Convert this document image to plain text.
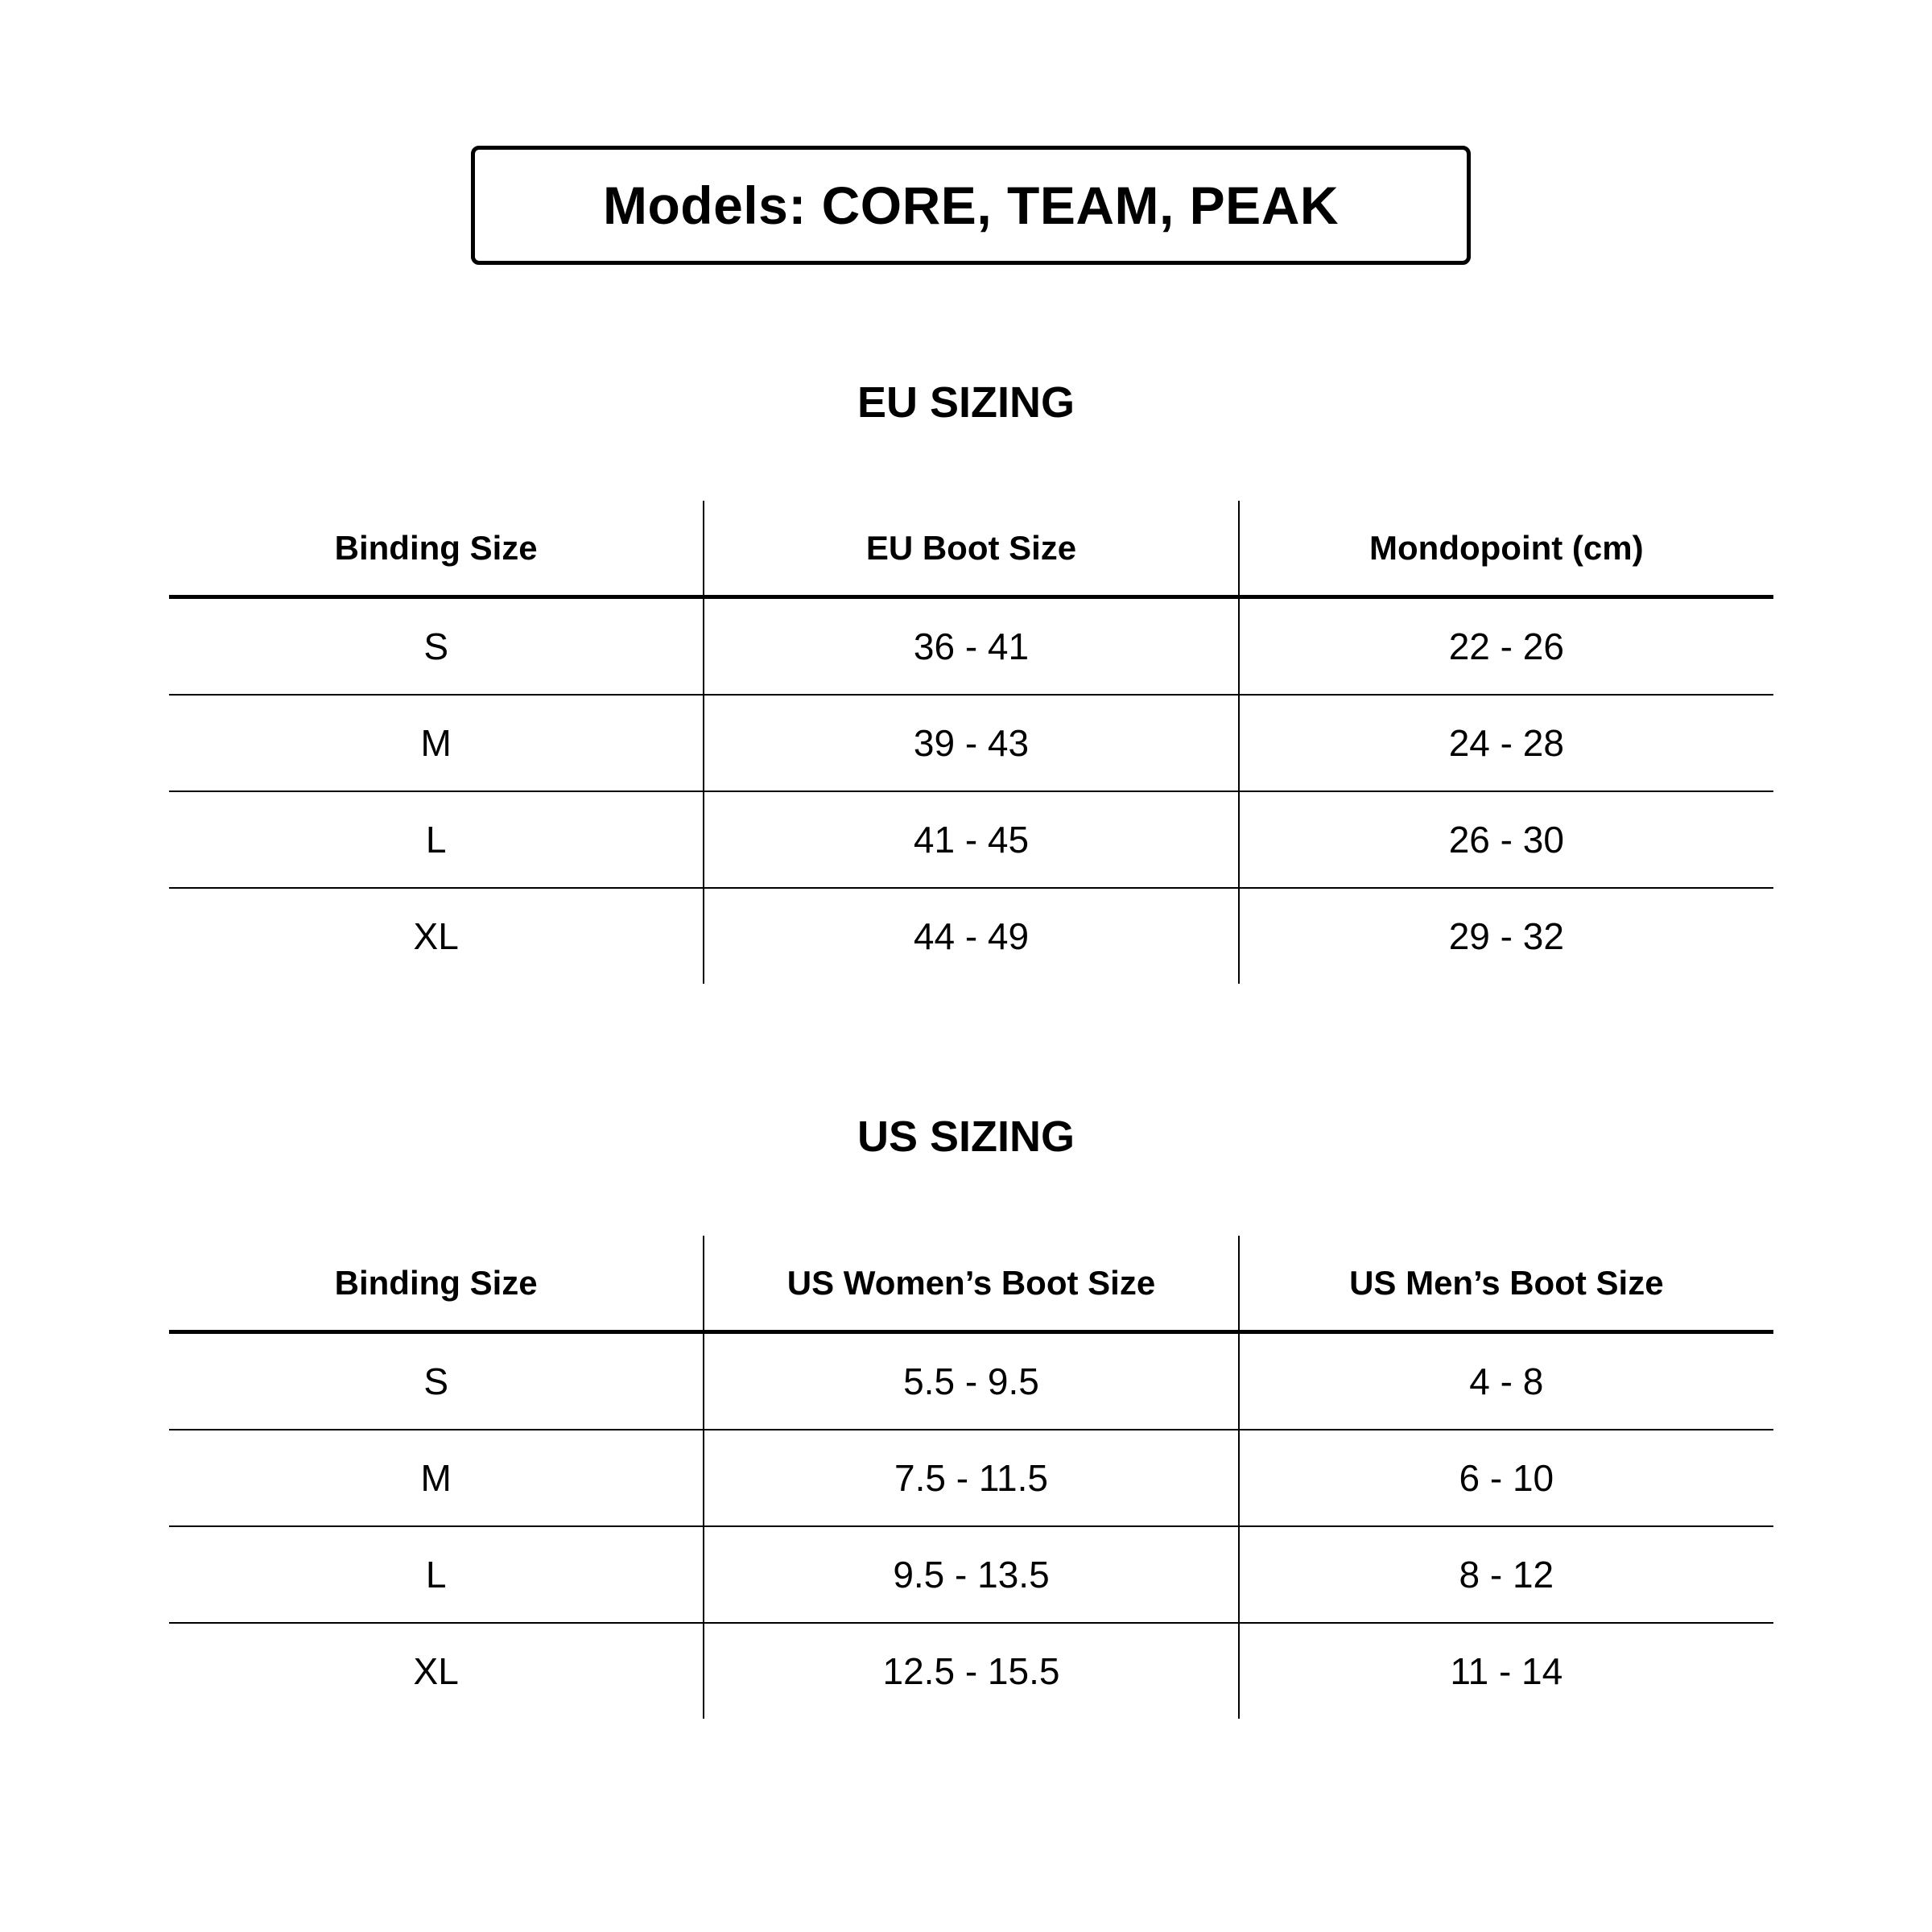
Models: CORE, TEAM, PEAK
EU SIZING
Binding Size	EU Boot Size	Mondopoint (cm)
S	36 - 41	22 - 26
M	39 - 43	24 - 28
L	41 - 45	26 - 30
XL	44 - 49	29 - 32
US SIZING
Binding Size	US Women’s Boot Size	US Men’s Boot Size
S	5.5 - 9.5	4 - 8
M	7.5 - 11.5	6 - 10
L	9.5 - 13.5	8 - 12
XL	12.5 - 15.5	11 - 14
